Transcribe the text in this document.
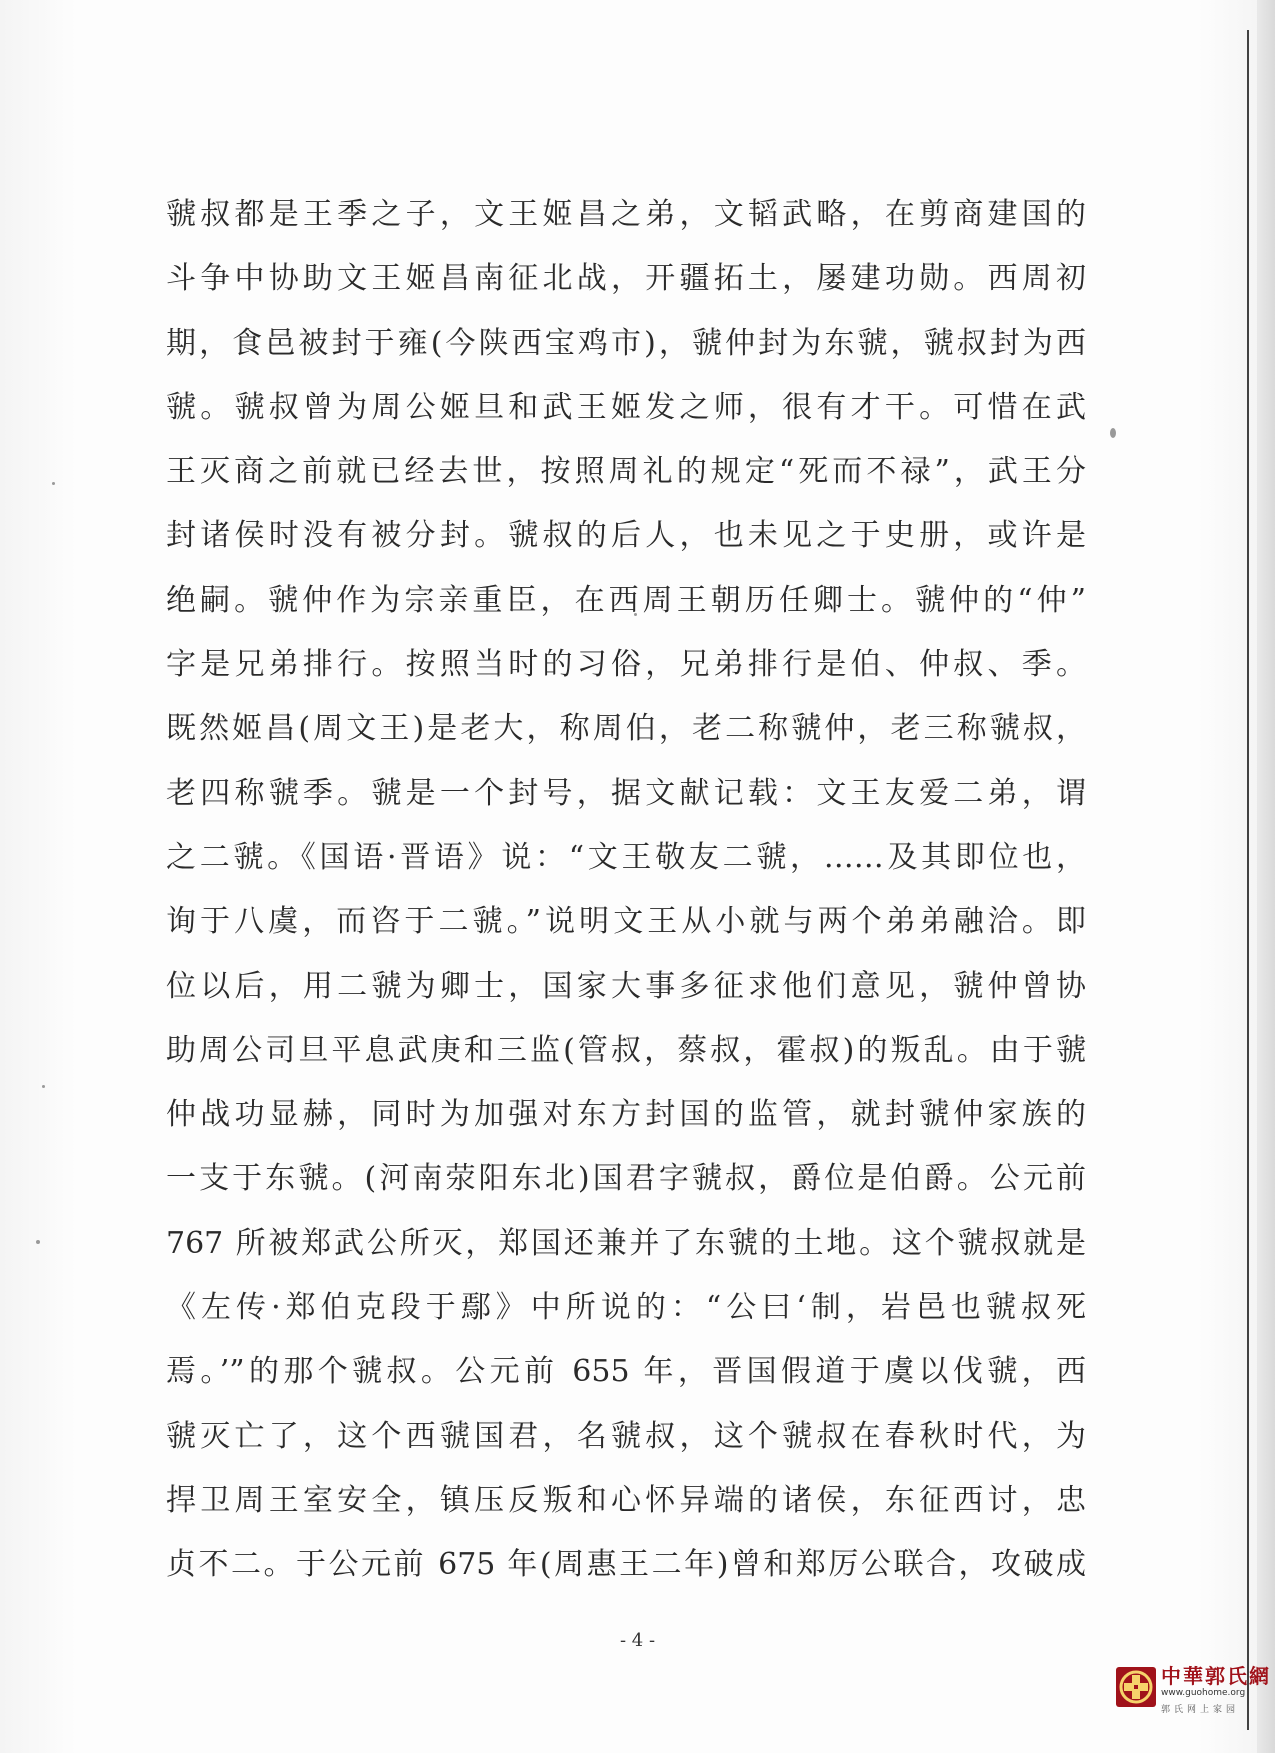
虢叔都是王季之子，文王姬昌之弟，文韬武略，在剪商建国的
斗争中协助文王姬昌南征北战，开疆拓土，屡建功勋。西周初
期，食邑被封于雍(今陕西宝鸡市)，虢仲封为东虢，虢叔封为西
虢。虢叔曾为周公姬旦和武王姬发之师，很有才干。可惜在武
王灭商之前就已经去世，按照周礼的规定“死而不禄”，武王分
封诸侯时没有被分封。虢叔的后人，也未见之于史册，或许是
绝嗣。虢仲作为宗亲重臣，在西周王朝历任卿士。虢仲的“仲”
字是兄弟排行。按照当时的习俗，兄弟排行是伯、仲叔、季。
既然姬昌(周文王)是老大，称周伯，老二称虢仲，老三称虢叔，
老四称虢季。虢是一个封号，据文献记载：文王友爱二弟，谓
之二虢。《国语·晋语》说：“文王敬友二虢，……及其即位也，
询于八虞，而咨于二虢。”说明文王从小就与两个弟弟融洽。即
位以后，用二虢为卿士，国家大事多征求他们意见，虢仲曾协
助周公司旦平息武庚和三监(管叔，蔡叔，霍叔)的叛乱。由于虢
仲战功显赫，同时为加强对东方封国的监管，就封虢仲家族的
一支于东虢。(河南荥阳东北)国君字虢叔，爵位是伯爵。公元前
767 所被郑武公所灭，郑国还兼并了东虢的土地。这个虢叔就是
《左传·郑伯克段于鄢》中所说的：“公曰‘制，岩邑也虢叔死
焉。’”的那个虢叔。公元前 655 年，晋国假道于虞以伐虢，西
虢灭亡了，这个西虢国君，名虢叔，这个虢叔在春秋时代，为
捍卫周王室安全，镇压反叛和心怀异端的诸侯，东征西讨，忠
贞不二。于公元前 675 年(周惠王二年)曾和郑厉公联合，攻破成
- 4 -
中華郭氏網
www.guohome.org
郭氏网上家园
